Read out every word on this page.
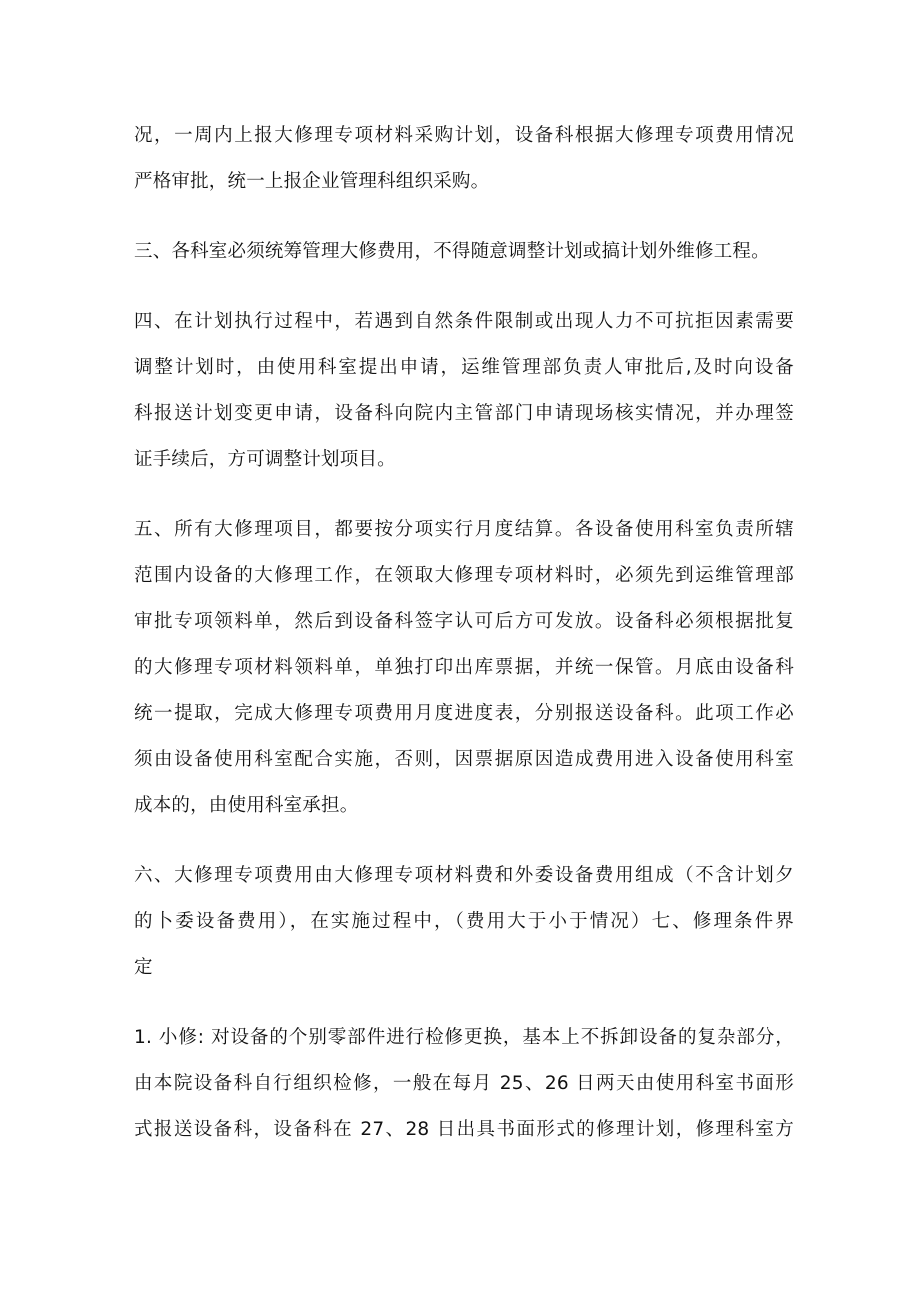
况，一周内上报大修理专项材料采购计划，设备科根据大修理专项费用情况
严格审批，统一上报企业管理科组织采购。
三、各科室必须统筹管理大修费用，不得随意调整计划或搞计划外维修工程。
四、在计划执行过程中，若遇到自然条件限制或出现人力不可抗拒因素需要
调整计划时，由使用科室提出申请，运维管理部负责人审批后,及时向设备
科报送计划变更申请，设备科向院内主管部门申请现场核实情况，并办理签
证手续后，方可调整计划项目。
五、所有大修理项目，都要按分项实行月度结算。各设备使用科室负责所辖
范围内设备的大修理工作，在领取大修理专项材料时，必须先到运维管理部
审批专项领料单，然后到设备科签字认可后方可发放。设备科必须根据批复
的大修理专项材料领料单，单独打印出库票据，并统一保管。月底由设备科
统一提取，完成大修理专项费用月度进度表，分别报送设备科。此项工作必
须由设备使用科室配合实施，否则，因票据原因造成费用进入设备使用科室
成本的，由使用科室承担。
六、大修理专项费用由大修理专项材料费和外委设备费用组成（不含计划夕
的卜委设备费用），在实施过程中，（费用大于小于情况）七、修理条件界
定
1. 小修: 对设备的个别零部件进行检修更换，基本上不拆卸设备的复杂部分，
由本院设备科自行组织检修，一般在每月 25、26 日两天由使用科室书面形
式报送设备科，设备科在 27、28 日出具书面形式的修理计划，修理科室方
